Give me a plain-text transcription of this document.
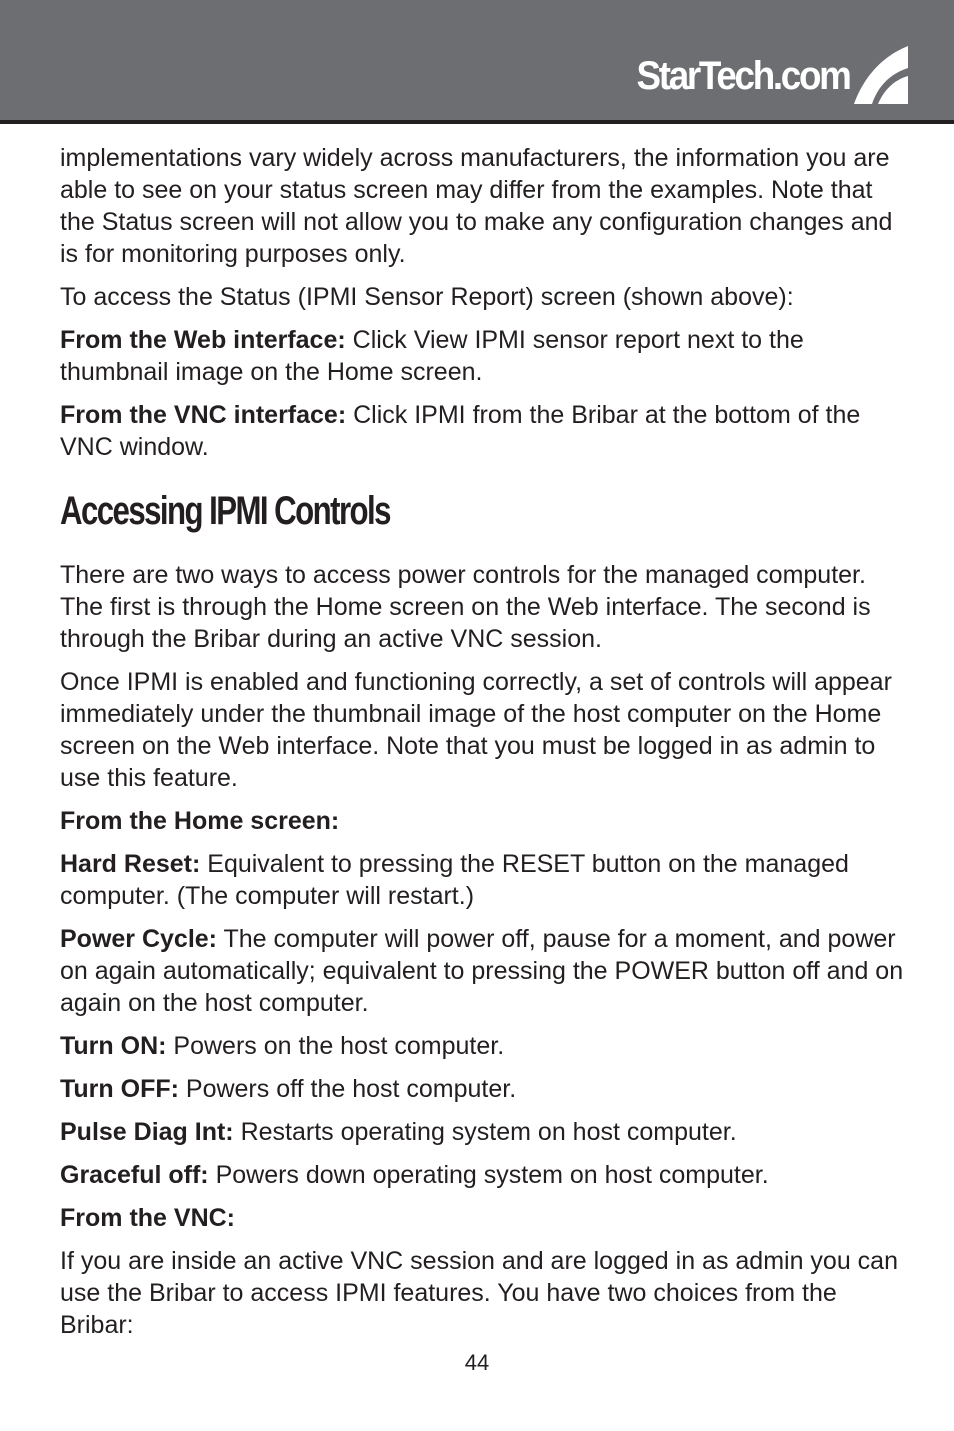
StarTech.com

implementations vary widely across manufacturers, the information you are able to see on your status screen may differ from the examples. Note that the Status screen will not allow you to make any configuration changes and is for monitoring purposes only.

To access the Status (IPMI Sensor Report) screen (shown above):

From the Web interface: Click View IPMI sensor report next to the thumbnail image on the Home screen.

From the VNC interface: Click IPMI from the Bribar at the bottom of the VNC window.

Accessing IPMI Controls

There are two ways to access power controls for the managed computer. The first is through the Home screen on the Web interface. The second is through the Bribar during an active VNC session.

Once IPMI is enabled and functioning correctly, a set of controls will appear immediately under the thumbnail image of the host computer on the Home screen on the Web interface. Note that you must be logged in as admin to use this feature.

From the Home screen:

Hard Reset: Equivalent to pressing the RESET button on the managed computer. (The computer will restart.)

Power Cycle: The computer will power off, pause for a moment, and power on again automatically; equivalent to pressing the POWER button off and on again on the host computer.

Turn ON: Powers on the host computer.

Turn OFF: Powers off the host computer.

Pulse Diag Int: Restarts operating system on host computer.

Graceful off: Powers down operating system on host computer.

From the VNC:

If you are inside an active VNC session and are logged in as admin you can use the Bribar to access IPMI features. You have two choices from the Bribar:

44
